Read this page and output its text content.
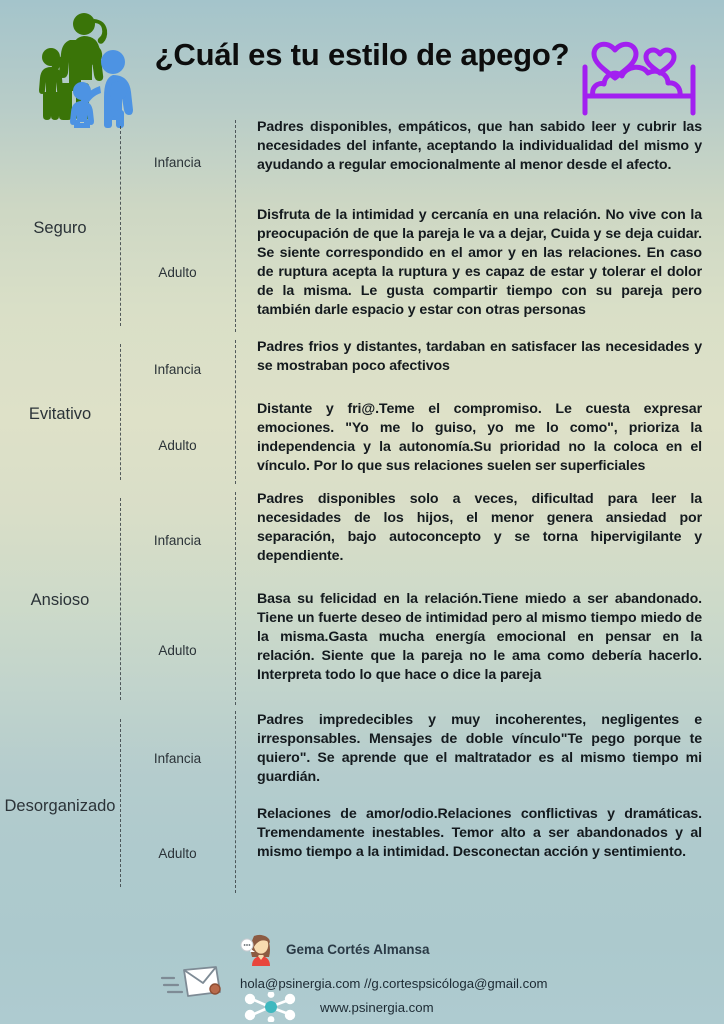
¿Cuál es tu estilo de apego?
Seguro
Infancia
Padres disponibles, empáticos, que han sabido leer y cubrir las necesidades del infante, aceptando la individualidad del mismo y ayudando a regular emocionalmente al menor desde el afecto.
Adulto
Disfruta de la intimidad y cercanía en una relación. No vive con la preocupación de que la pareja le va a dejar, Cuida y se deja cuidar. Se siente correspondido en el amor y en las relaciones. En caso de ruptura acepta la ruptura y es capaz de estar y tolerar el dolor de la misma. Le gusta compartir tiempo con su pareja pero también darle espacio y estar con otras personas
Evitativo
Infancia
Padres frios y distantes, tardaban en satisfacer las necesidades y se mostraban poco afectivos
Adulto
Distante y fri@.Teme el compromiso. Le cuesta expresar emociones. "Yo me lo guiso, yo me lo como", prioriza la independencia y la autonomía.Su prioridad no la coloca en el vínculo. Por lo que sus relaciones suelen ser superficiales
Ansioso
Infancia
Padres disponibles solo a veces, dificultad para leer la necesidades de los hijos, el menor genera ansiedad por separación, bajo autoconcepto y se torna hipervigilante y dependiente.
Adulto
Basa su felicidad en la relación.Tiene miedo a ser abandonado. Tiene un fuerte deseo de intimidad pero al mismo tiempo miedo de la misma.Gasta mucha energía emocional en pensar en la relación. Siente que la pareja no le ama como debería hacerlo. Interpreta todo lo que hace o dice la pareja
Desorganizado
Infancia
Padres impredecibles y muy incoherentes, negligentes e irresponsables. Mensajes de doble vínculo"Te pego porque te quiero". Se aprende que el maltratador es al mismo tiempo mi guardián.
Adulto
Relaciones de amor/odio.Relaciones conflictivas y dramáticas. Tremendamente inestables. Temor alto a ser abandonados y al mismo tiempo a la intimidad. Desconectan acción y sentimiento.
Gema Cortés Almansa
hola@psinergia.com //g.cortespsicóloga@gmail.com
www.psinergia.com
